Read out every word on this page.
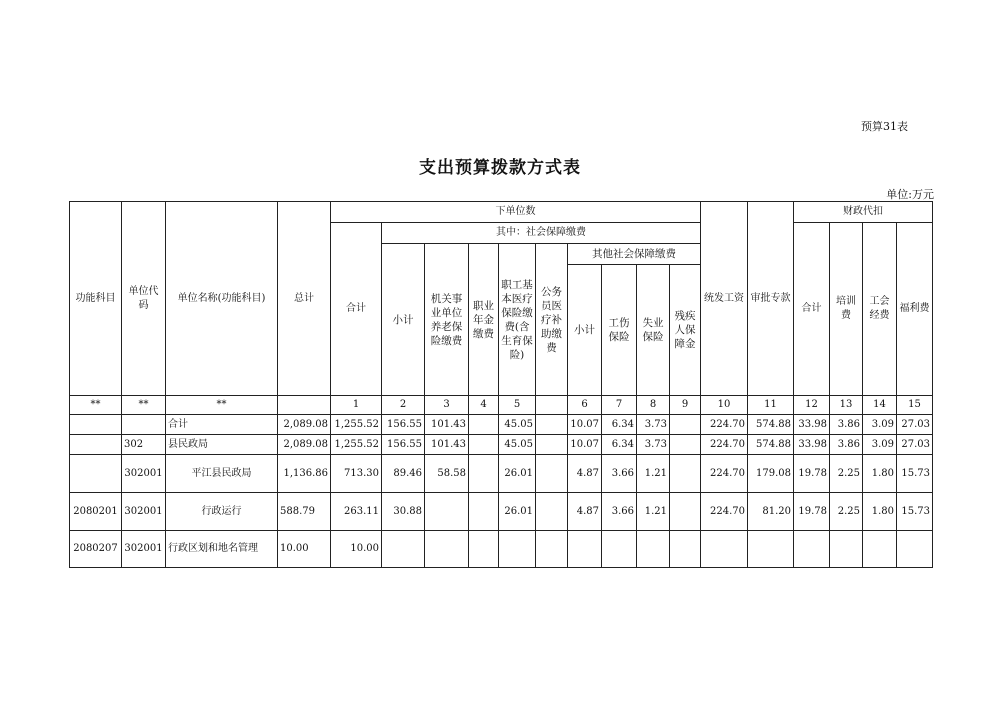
预算31表
支出预算拨款方式表
单位:万元
功能科目	单位代码	单位名称(功能科目)	总计	下单位数										统发工资	审批专款	财政代扣			
				合计	其中：社会保障缴费											合计	培训费	工会经费	福利费
					小计	机关事业单位养老保险缴费	职业年金缴费	职工基本医疗保险缴费(含生育保险)	公务员医疗补助缴费	其他社会保障缴费									
										小计	工伤保险	失业保险	残疾人保障金						
**	**	**		1	2	3	4	5		6	7	8	9	10	11	12	13	14	15
		合计	2,089.08	1,255.52	156.55	101.43		45.05		10.07	6.34	3.73		224.70	574.88	33.98	3.86	3.09	27.03
	302	县民政局	2,089.08	1,255.52	156.55	101.43		45.05		10.07	6.34	3.73		224.70	574.88	33.98	3.86	3.09	27.03
	302001	平江县民政局	1,136.86	713.30	89.46	58.58		26.01		4.87	3.66	1.21		224.70	179.08	19.78	2.25	1.80	15.73
2080201	302001	行政运行	588.79	263.11	30.88			26.01		4.87	3.66	1.21		224.70	81.20	19.78	2.25	1.80	15.73
2080207	302001	行政区划和地名管理	10.00	10.00															
